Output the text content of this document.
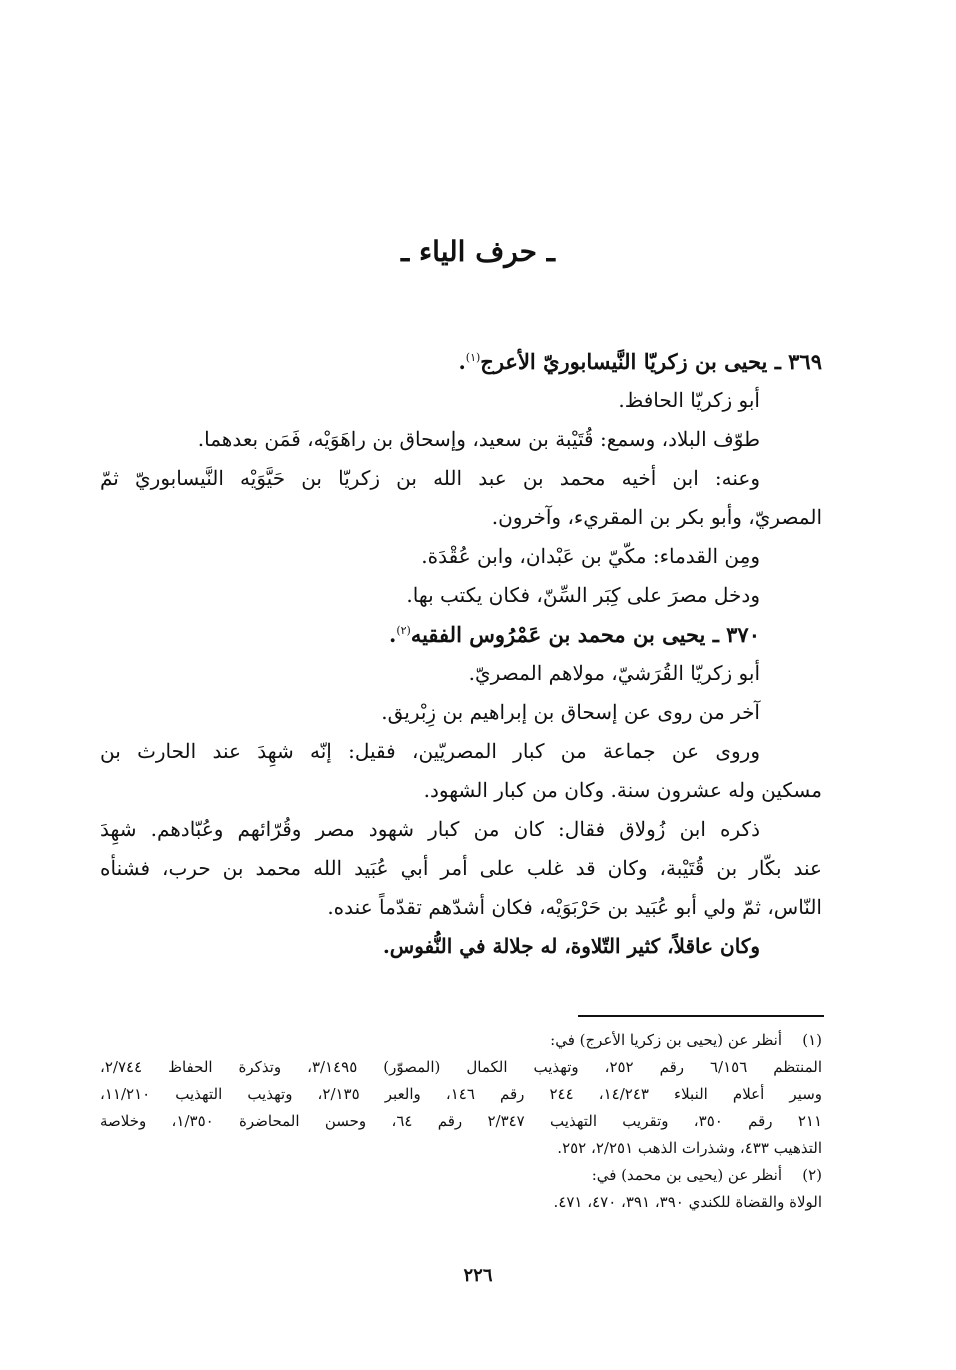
ـ حرف الياء ـ

٣٦٩ ـ يحيى بن زكريّا النَّيسابوريّ الأعرج$^{(١)}$.

أبو زكريّا الحافظ.

طوّف البلاد، وسمع: قُتَيْبة بن سعيد، وإسحاق بن راهَوَيْه، فَمَن بعدهما.

وعنه: ابن أخيه محمد بن عبد الله بن زكريّا بن حَيَّوَيْه النَّيسابوريّ ثمّ

المصريّ، وأبو بكر بن المقريء، وآخرون.

ومِن القدماء: مكّيّ بن عَبْدان، وابن عُقْدَة.

ودخل مصرَ على كِبَر السِّنّ، فكان يكتب بها.

٣٧٠ ـ يحيى بن محمد بن عَمْرُوس الفقيه$^{(٢)}$.

أبو زكريّا القُرَشيّ، مولاهم المصريّ.

آخر من روى عن إسحاق بن إبراهيم بن زِبْريق.

وروى عن جماعة من كبار المصريّين، فقيل: إنّه شهِدَ عند الحارث بن

مسكين وله عشرون سنة. وكان من كبار الشهود.

ذكره ابن زُولاق فقال: كان من كبار شهود مصر وقُرّائهم وعُبّادهم. شهِدَ

عند بكّار بن قُتَيْبة، وكان قد غلب على أمر أبي عُبَيد الله محمد بن حرب، فشنأه

النّاس، ثمّ ولي أبو عُبَيد بن حَرْبَوَيْه، فكان أشدّهم تقدّماً عنده.

وكان عاقلاً، كثير التّلاوة، له جلالة في النُّفوس.

(١)أنظر عن (يحيى بن زكريا الأعرج) في:

المنتظم ٦/١٥٦ رقم ٢٥٢، وتهذيب الكمال (المصوّر) ٣/١٤٩٥، وتذكرة الحفاظ ٢/٧٤٤،

وسير أعلام النبلاء ١٤/٢٤٣، ٢٤٤ رقم ١٤٦، والعبر ٢/١٣٥، وتهذيب التهذيب ١١/٢١٠،

٢١١ رقم ٣٥٠، وتقريب التهذيب ٢/٣٤٧ رقم ٦٤، وحسن المحاضرة ١/٣٥٠، وخلاصة

التذهيب ٤٣٣، وشذرات الذهب ٢/٢٥١، ٢٥٢.

(٢)أنظر عن (يحيى بن محمد) في:

الولاة والقضاة للكندي ٣٩٠، ٣٩١، ٤٧٠، ٤٧١.

٢٢٦
